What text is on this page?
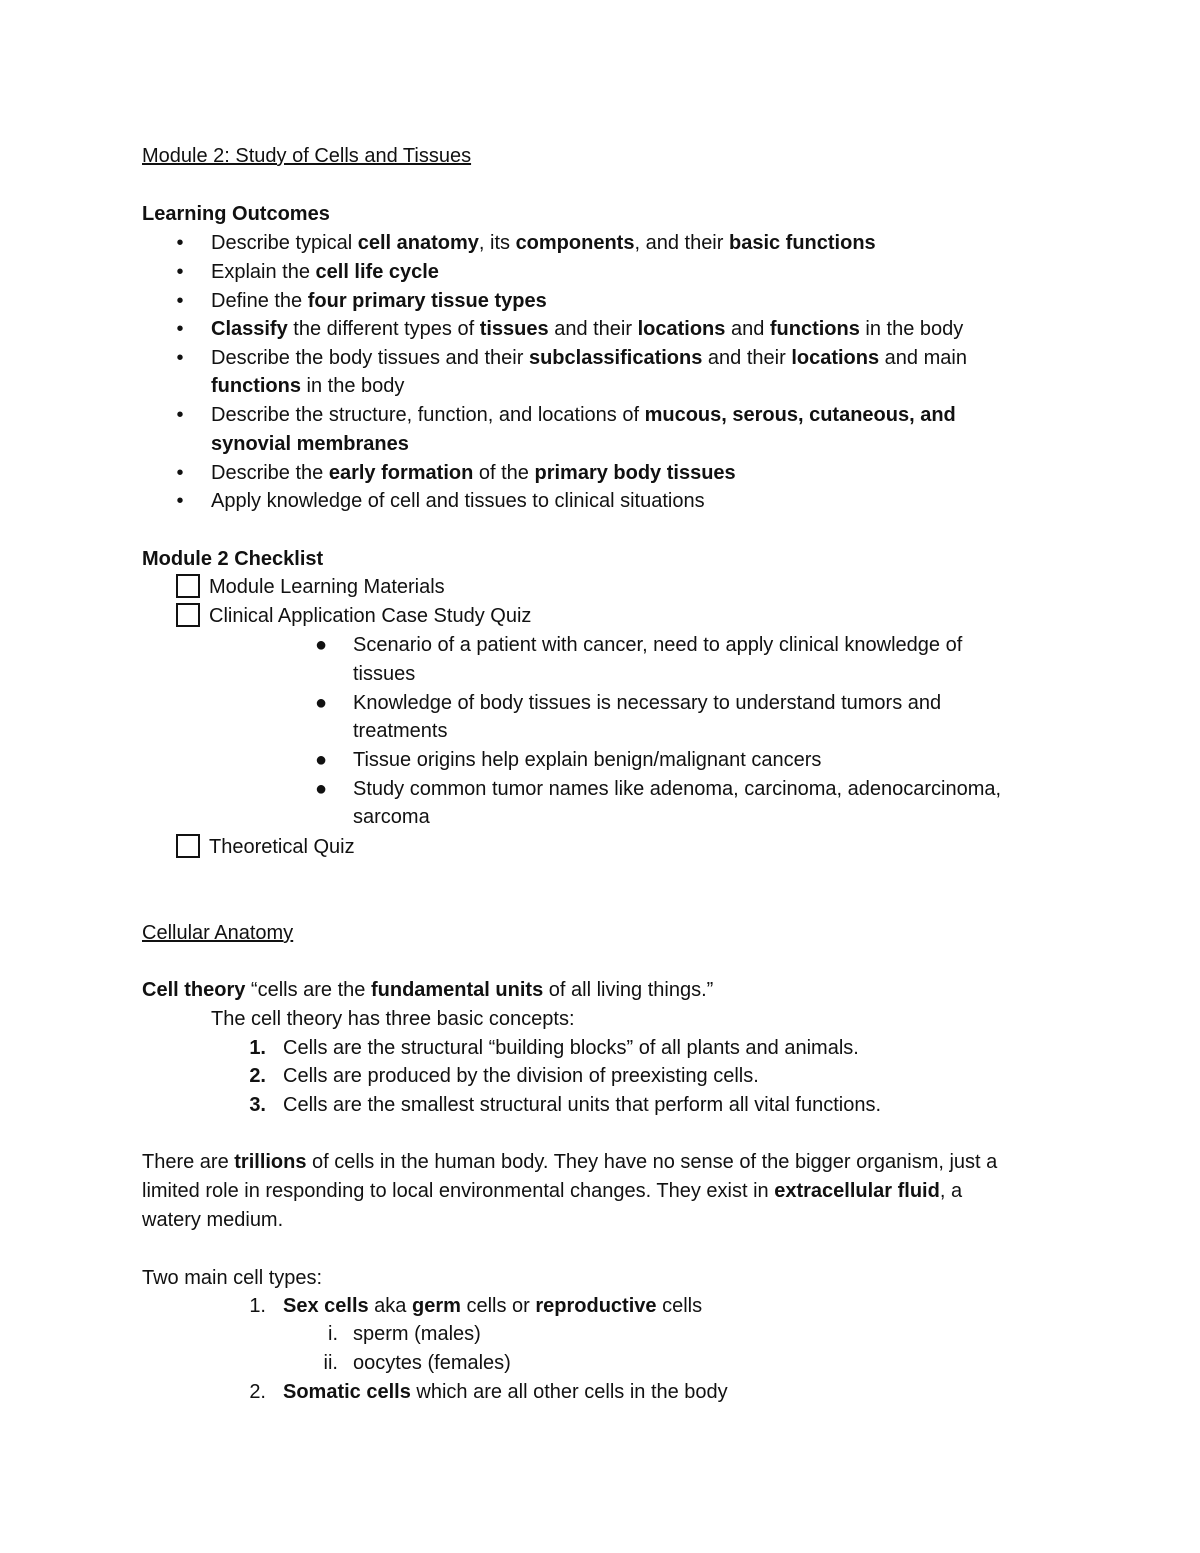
Module 2: Study of Cells and Tissues
Learning Outcomes
•	Describe typical cell anatomy, its components, and their basic functions
•	Explain the cell life cycle
•	Define the four primary tissue types
•	Classify the different types of tissues and their locations and functions in the body
•	Describe the body tissues and their subclassifications and their locations and main
functions in the body
•	Describe the structure, function, and locations of mucous, serous, cutaneous, and
synovial membranes
•	Describe the early formation of the primary body tissues
•	Apply knowledge of cell and tissues to clinical situations
Module 2 Checklist
Module Learning Materials
Clinical Application Case Study Quiz
● Scenario of a patient with cancer, need to apply clinical knowledge of
tissues
● Knowledge of body tissues is necessary to understand tumors and
treatments
● Tissue origins help explain benign/malignant cancers
● Study common tumor names like adenoma, carcinoma, adenocarcinoma,
sarcoma
Theoretical Quiz
Cellular Anatomy
Cell theory “cells are the fundamental units of all living things.”
The cell theory has three basic concepts:
1. Cells are the structural “building blocks” of all plants and animals.
2. Cells are produced by the division of preexisting cells.
3. Cells are the smallest structural units that perform all vital functions.
There are trillions of cells in the human body. They have no sense of the bigger organism, just a
limited role in responding to local environmental changes. They exist in extracellular fluid, a
watery medium.
Two main cell types:
1. Sex cells aka germ cells or reproductive cells
i. sperm (males)
ii. oocytes (females)
2. Somatic cells which are all other cells in the body
